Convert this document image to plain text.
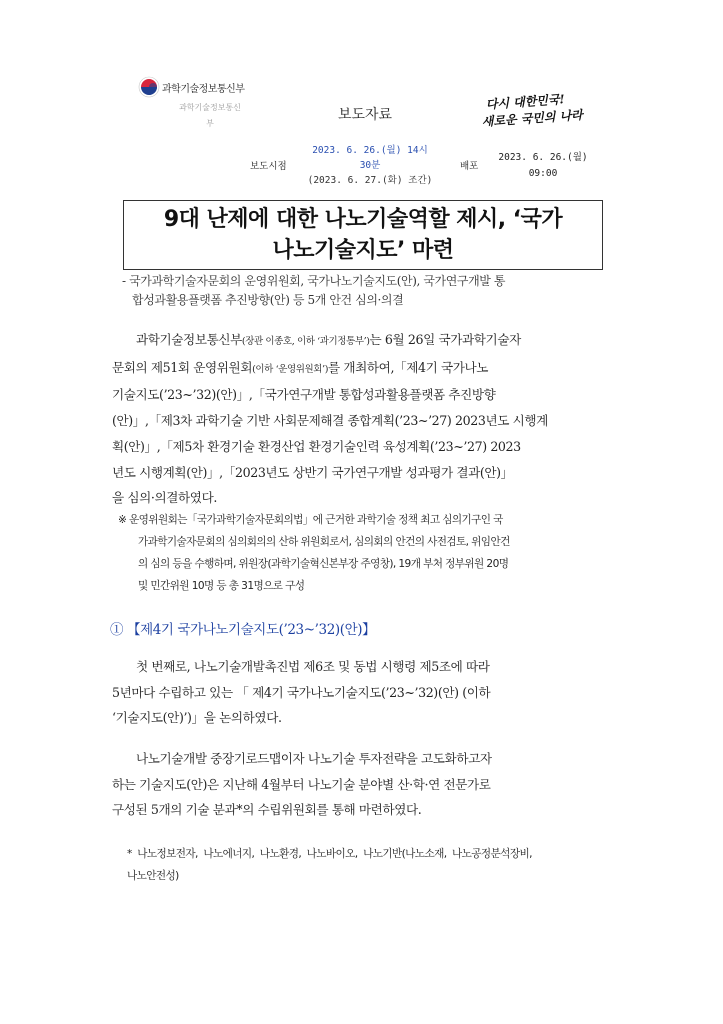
과학기술정보통신부
과학기술정보통신
부
보도자료
다시 대한민국!
새로운 국민의 나라
보도시점
2023. 6. 26.(월) 14시
30분
(2023. 6. 27.(화) 조간)
배포
2023. 6. 26.(월)
09:00
9대 난제에 대한 나노기술역할 제시, ‘국가
나노기술지도’ 마련
- 국가과학기술자문회의 운영위원회, 국가나노기술지도(안), 국가연구개발 통
합성과활용플랫폼 추진방향(안) 등 5개 안건 심의·의결
과학기술정보통신부(장관 이종호, 이하 ‘과기정통부’)는 6월 26일 국가과학기술자
문회의 제51회 운영위원회(이하 ‘운영위원회’)를 개최하여,「제4기 국가나노
기술지도(’23~’32)(안)」,「국가연구개발 통합성과활용플랫폼 추진방향
(안)」,「제3차 과학기술 기반 사회문제해결 종합계획(’23~’27) 2023년도 시행계
획(안)」,「제5차 환경기술 환경산업 환경기술인력 육성계획(’23~’27) 2023
년도 시행계획(안)」,「2023년도 상반기 국가연구개발 성과평가 결과(안)」
을 심의·의결하였다.
※ 운영위원회는「국가과학기술자문회의법」에 근거한 과학기술 정책 최고 심의기구인 국
가과학기술자문회의 심의회의의 산하 위원회로서, 심의회의 안건의 사전검토, 위임안건
의 심의 등을 수행하며, 위원장(과학기술혁신본부장 주영창), 19개 부처 정부위원 20명
및 민간위원 10명 등 총 31명으로 구성
① 【제4기 국가나노기술지도(’23~’32)(안)】
첫 번째로, 나노기술개발촉진법 제6조 및 동법 시행령 제5조에 따라
5년마다 수립하고 있는 「 제4기 국가나노기술지도(’23~’32)(안) (이하
‘기술지도(안)’)」을 논의하였다.
나노기술개발 중장기로드맵이자 나노기술 투자전략을 고도화하고자
하는 기술지도(안)은 지난해 4월부터 나노기술 분야별 산·학·연 전문가로
구성된 5개의 기술 분과*의 수립위원회를 통해 마련하였다.
*  나노정보전자,  나노에너지,  나노환경,  나노바이오,  나노기반(나노소재,  나노공정분석장비,
나노안전성)
